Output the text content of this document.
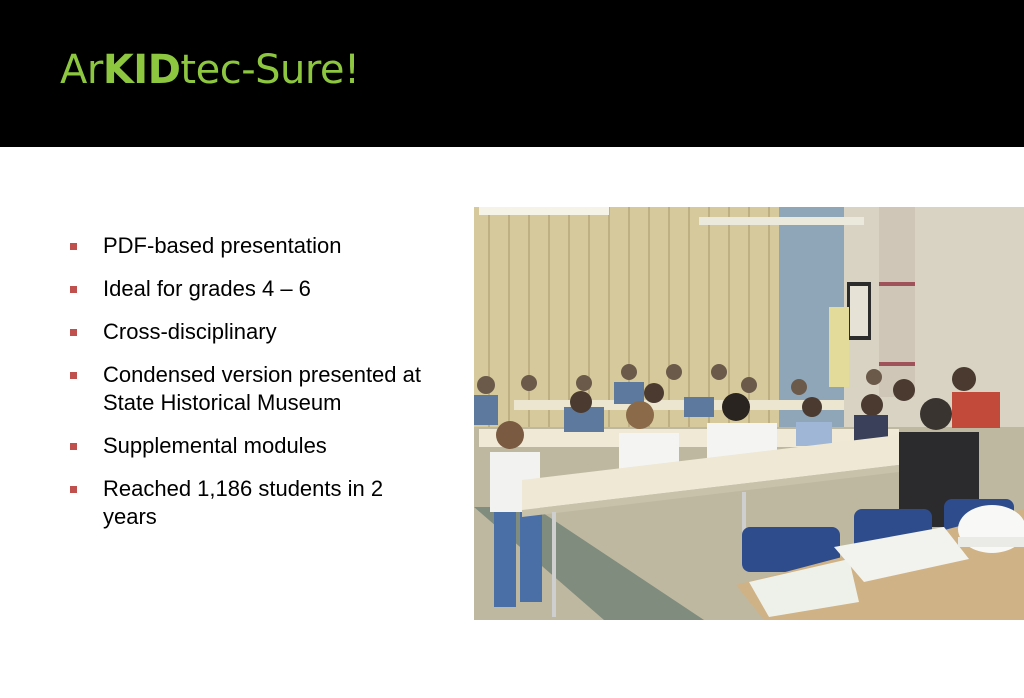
ArKIDtec-Sure!
PDF-based presentation
Ideal for grades 4 – 6
Cross-disciplinary
Condensed version presented at State Historical Museum
Supplemental modules
Reached 1,186 students in 2 years
